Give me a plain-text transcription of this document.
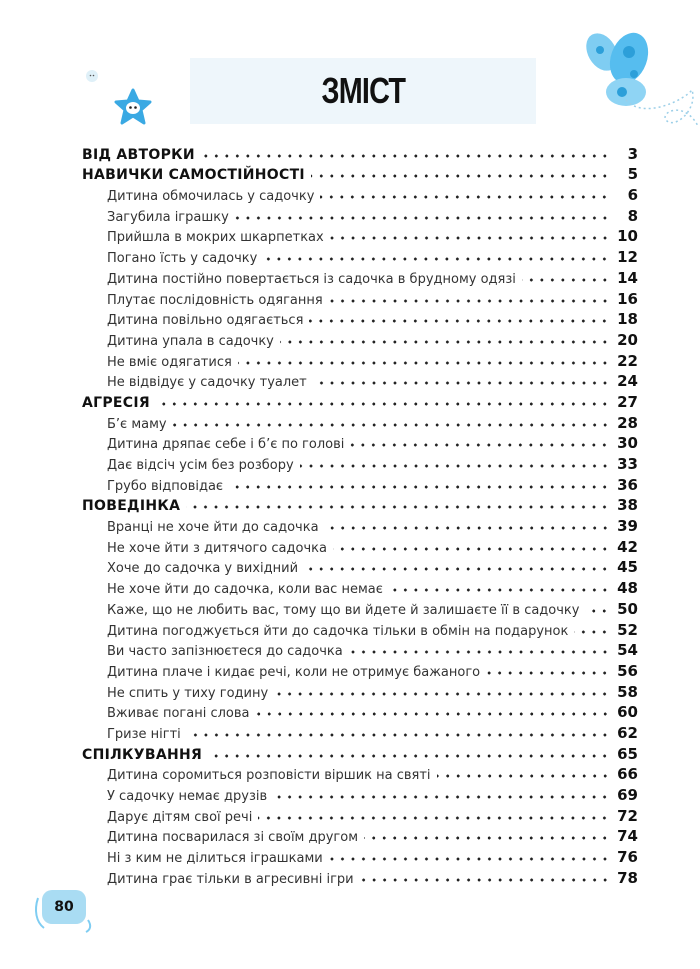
ЗМІСТ
ВІД АВТОРКИ	3
НАВИЧКИ САМОСТІЙНОСТІ	5
Дитина обмочилась у садочку	6
Загубила іграшку	8
Прийшла в мокрих шкарпетках	10
Погано їсть у садочку	12
Дитина постійно повертається із садочка в брудному одязі	14
Плутає послідовність одягання	16
Дитина повільно одягається	18
Дитина упала в садочку	20
Не вміє одягатися	22
Не відвідує у садочку туалет	24
АГРЕСІЯ	27
Б’є маму	28
Дитина дряпає себе і б’є по голові	30
Дає відсіч усім без розбору	33
Грубо відповідає	36
ПОВЕДІНКА	38
Вранці не хоче йти до садочка	39
Не хоче йти з дитячого садочка	42
Хоче до садочка у вихідний	45
Не хоче йти до садочка, коли вас немає	48
Каже, що не любить вас, тому що ви йдете й залишаєте її в садочку	50
Дитина погоджується йти до садочка тільки в обмін на подарунок	52
Ви часто запізнюєтеся до садочка	54
Дитина плаче і кидає речі, коли не отримує бажаного	56
Не спить у тиху годину	58
Вживає погані слова	60
Гризе нігті	62
СПІЛКУВАННЯ	65
Дитина соромиться розповісти віршик на святі	66
У садочку немає друзів	69
Дарує дітям свої речі	72
Дитина посварилася зі своїм другом	74
Ні з ким не ділиться іграшками	76
Дитина грає тільки в агресивні ігри	78
80
